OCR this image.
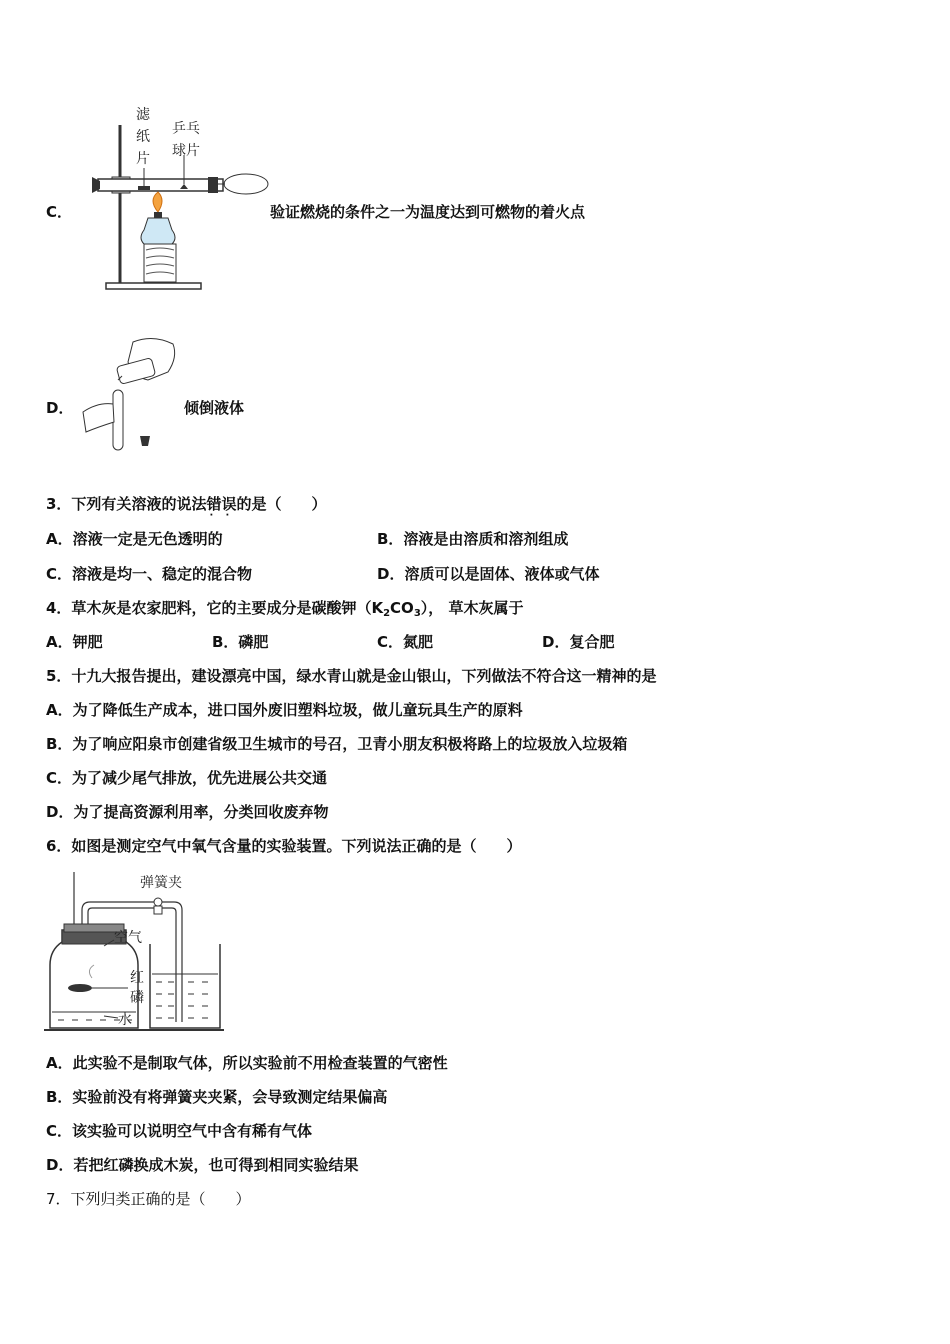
C．
滤
纸
片
乒乓
球片
验证燃烧的条件之一为温度达到可燃物的着火点
D．	倾倒液体
3．下列有关溶液的说法错误
· ·
的是（　　）
A．溶液一定是无色透明的	B．溶液是由溶质和溶剂组成
C．溶液是均一、稳定的混合物	D．溶质可以是固体、液体或气体
4．草木灰是农家肥料，它的主要成分是碳酸钾$(K_2CO_3)$， 草木灰属于
A．钾肥	B．磷肥	C．氮肥	D．复合肥
5．十九大报告提出，建设漂亮中国，绿水青山就是金山银山，下列做法不符合这一精神的是
A．为了降低生产成本，进口国外废旧塑料垃圾，做儿童玩具生产的原料
B．为了响应阳泉市创建省级卫生城市的号召，卫青小朋友积极将路上的垃圾放入垃圾箱
C．为了减少尾气排放，优先进展公共交通
D．为了提高资源利用率，分类回收废弃物
6．如图是测定空气中氧气含量的实验装置。下列说法正确的是（　　）
弹簧夹
空气
红
磷
水
A．此实验不是制取气体，所以实验前不用检查装置的气密性
B．实验前没有将弹簧夹夹紧，会导致测定结果偏高
C．该实验可以说明空气中含有稀有气体
D．若把红磷换成木炭，也可得到相同实验结果
7．下列归类正确的是（　　）
